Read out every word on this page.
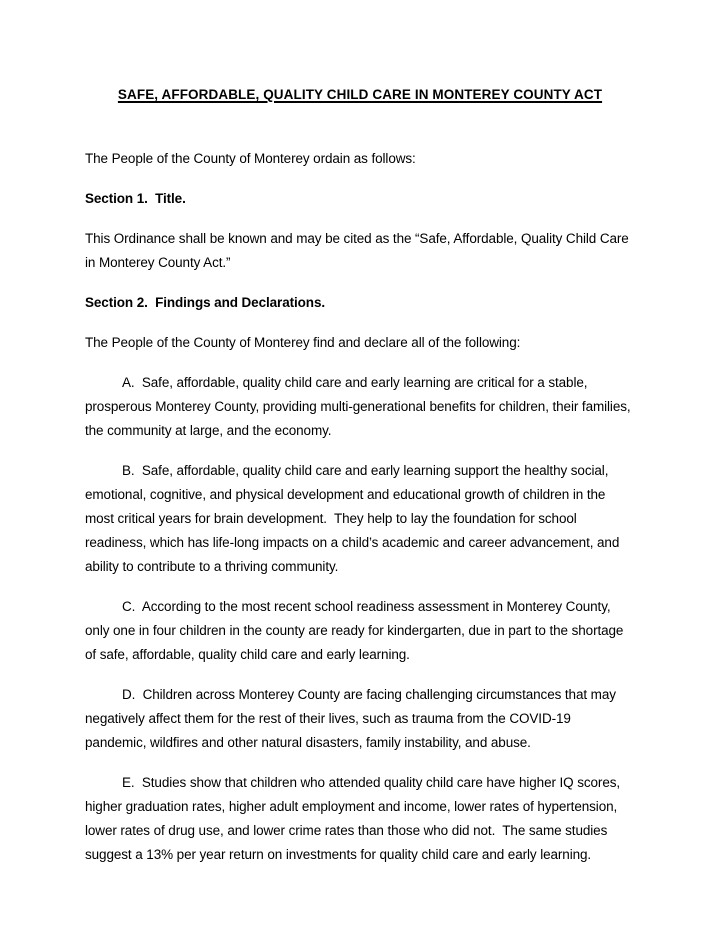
SAFE, AFFORDABLE, QUALITY CHILD CARE IN MONTEREY COUNTY ACT

The People of the County of Monterey ordain as follows:

Section 1.  Title.

This Ordinance shall be known and may be cited as the “Safe, Affordable, Quality Child Care in Monterey County Act.”

Section 2.  Findings and Declarations.

The People of the County of Monterey find and declare all of the following:

A.  Safe, affordable, quality child care and early learning are critical for a stable, prosperous Monterey County, providing multi-generational benefits for children, their families, the community at large, and the economy.

B.  Safe, affordable, quality child care and early learning support the healthy social, emotional, cognitive, and physical development and educational growth of children in the most critical years for brain development.  They help to lay the foundation for school readiness, which has life-long impacts on a child’s academic and career advancement, and ability to contribute to a thriving community.

C.  According to the most recent school readiness assessment in Monterey County, only one in four children in the county are ready for kindergarten, due in part to the shortage of safe, affordable, quality child care and early learning.

D.  Children across Monterey County are facing challenging circumstances that may negatively affect them for the rest of their lives, such as trauma from the COVID-19 pandemic, wildfires and other natural disasters, family instability, and abuse.

E.  Studies show that children who attended quality child care have higher IQ scores, higher graduation rates, higher adult employment and income, lower rates of hypertension, lower rates of drug use, and lower crime rates than those who did not.  The same studies suggest a 13% per year return on investments for quality child care and early learning.
